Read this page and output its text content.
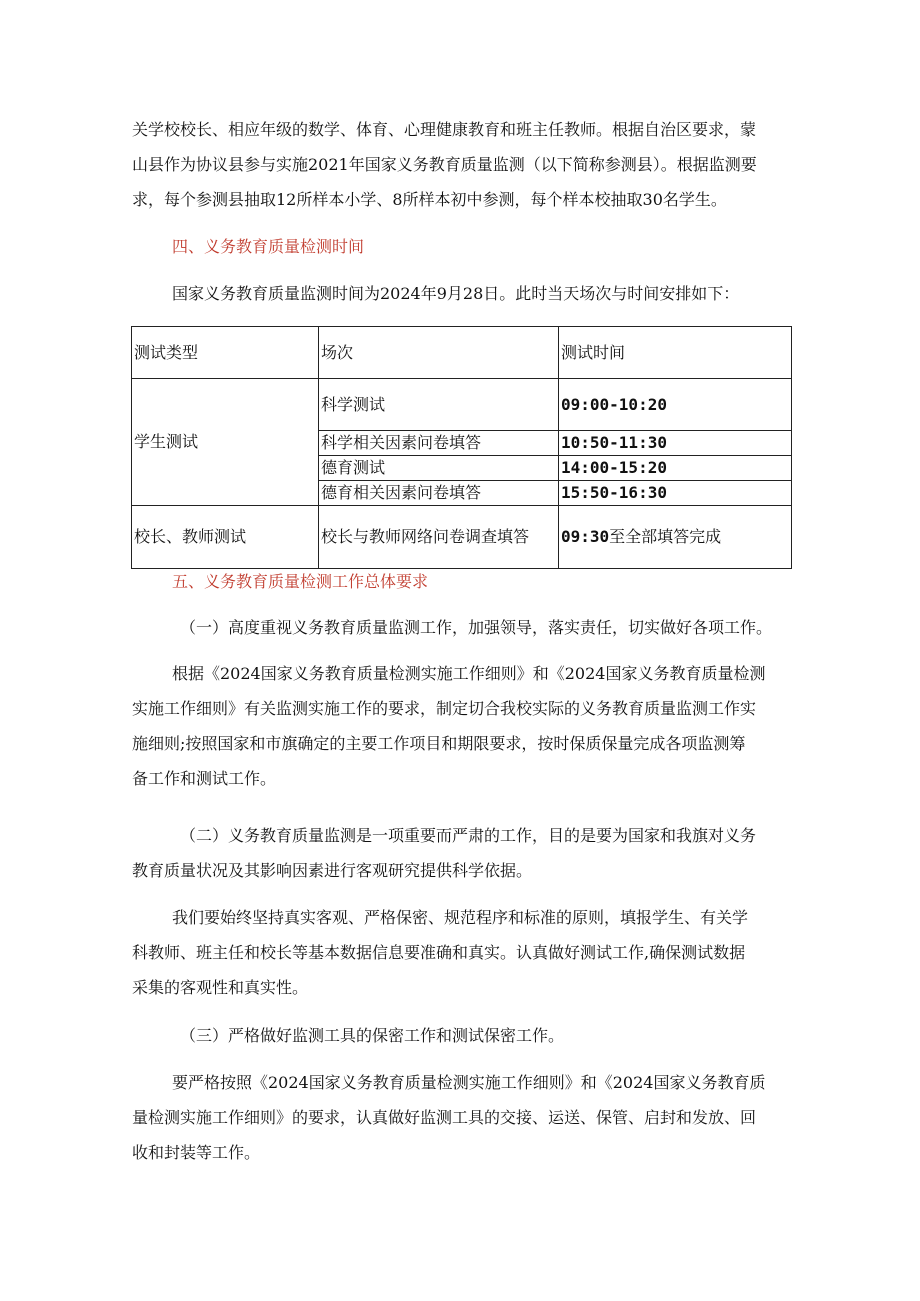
关学校校长、相应年级的数学、体育、心理健康教育和班主任教师。根据自治区要求，蒙
山县作为协议县参与实施2021年国家义务教育质量监测（以下简称参测县）。根据监测要
求，每个参测县抽取12所样本小学、8所样本初中参测，每个样本校抽取30名学生。
四、义务教育质量检测时间
国家义务教育质量监测时间为2024年9月28日。此时当天场次与时间安排如下：
测试类型	场次	测试时间
学生测试	科学测试	09:00-10:20
	科学相关因素问卷填答	10:50-11:30
	德育测试	14:00-15:20
	德育相关因素问卷填答	15:50-16:30
校长、教师测试	校长与教师网络问卷调查填答	09:30至全部填答完成
五、义务教育质量检测工作总体要求
（一）高度重视义务教育质量监测工作，加强领导，落实责任，切实做好各项工作。
根据《2024国家义务教育质量检测实施工作细则》和《2024国家义务教育质量检测
实施工作细则》有关监测实施工作的要求，制定切合我校实际的义务教育质量监测工作实
施细则;按照国家和市旗确定的主要工作项目和期限要求，按时保质保量完成各项监测筹
备工作和测试工作。
（二）义务教育质量监测是一项重要而严肃的工作，目的是要为国家和我旗对义务
教育质量状况及其影响因素进行客观研究提供科学依据。
我们要始终坚持真实客观、严格保密、规范程序和标准的原则，填报学生、有关学
科教师、班主任和校长等基本数据信息要准确和真实。认真做好测试工作,确保测试数据
采集的客观性和真实性。
（三）严格做好监测工具的保密工作和测试保密工作。
要严格按照《2024国家义务教育质量检测实施工作细则》和《2024国家义务教育质
量检测实施工作细则》的要求，认真做好监测工具的交接、运送、保管、启封和发放、回
收和封装等工作。
